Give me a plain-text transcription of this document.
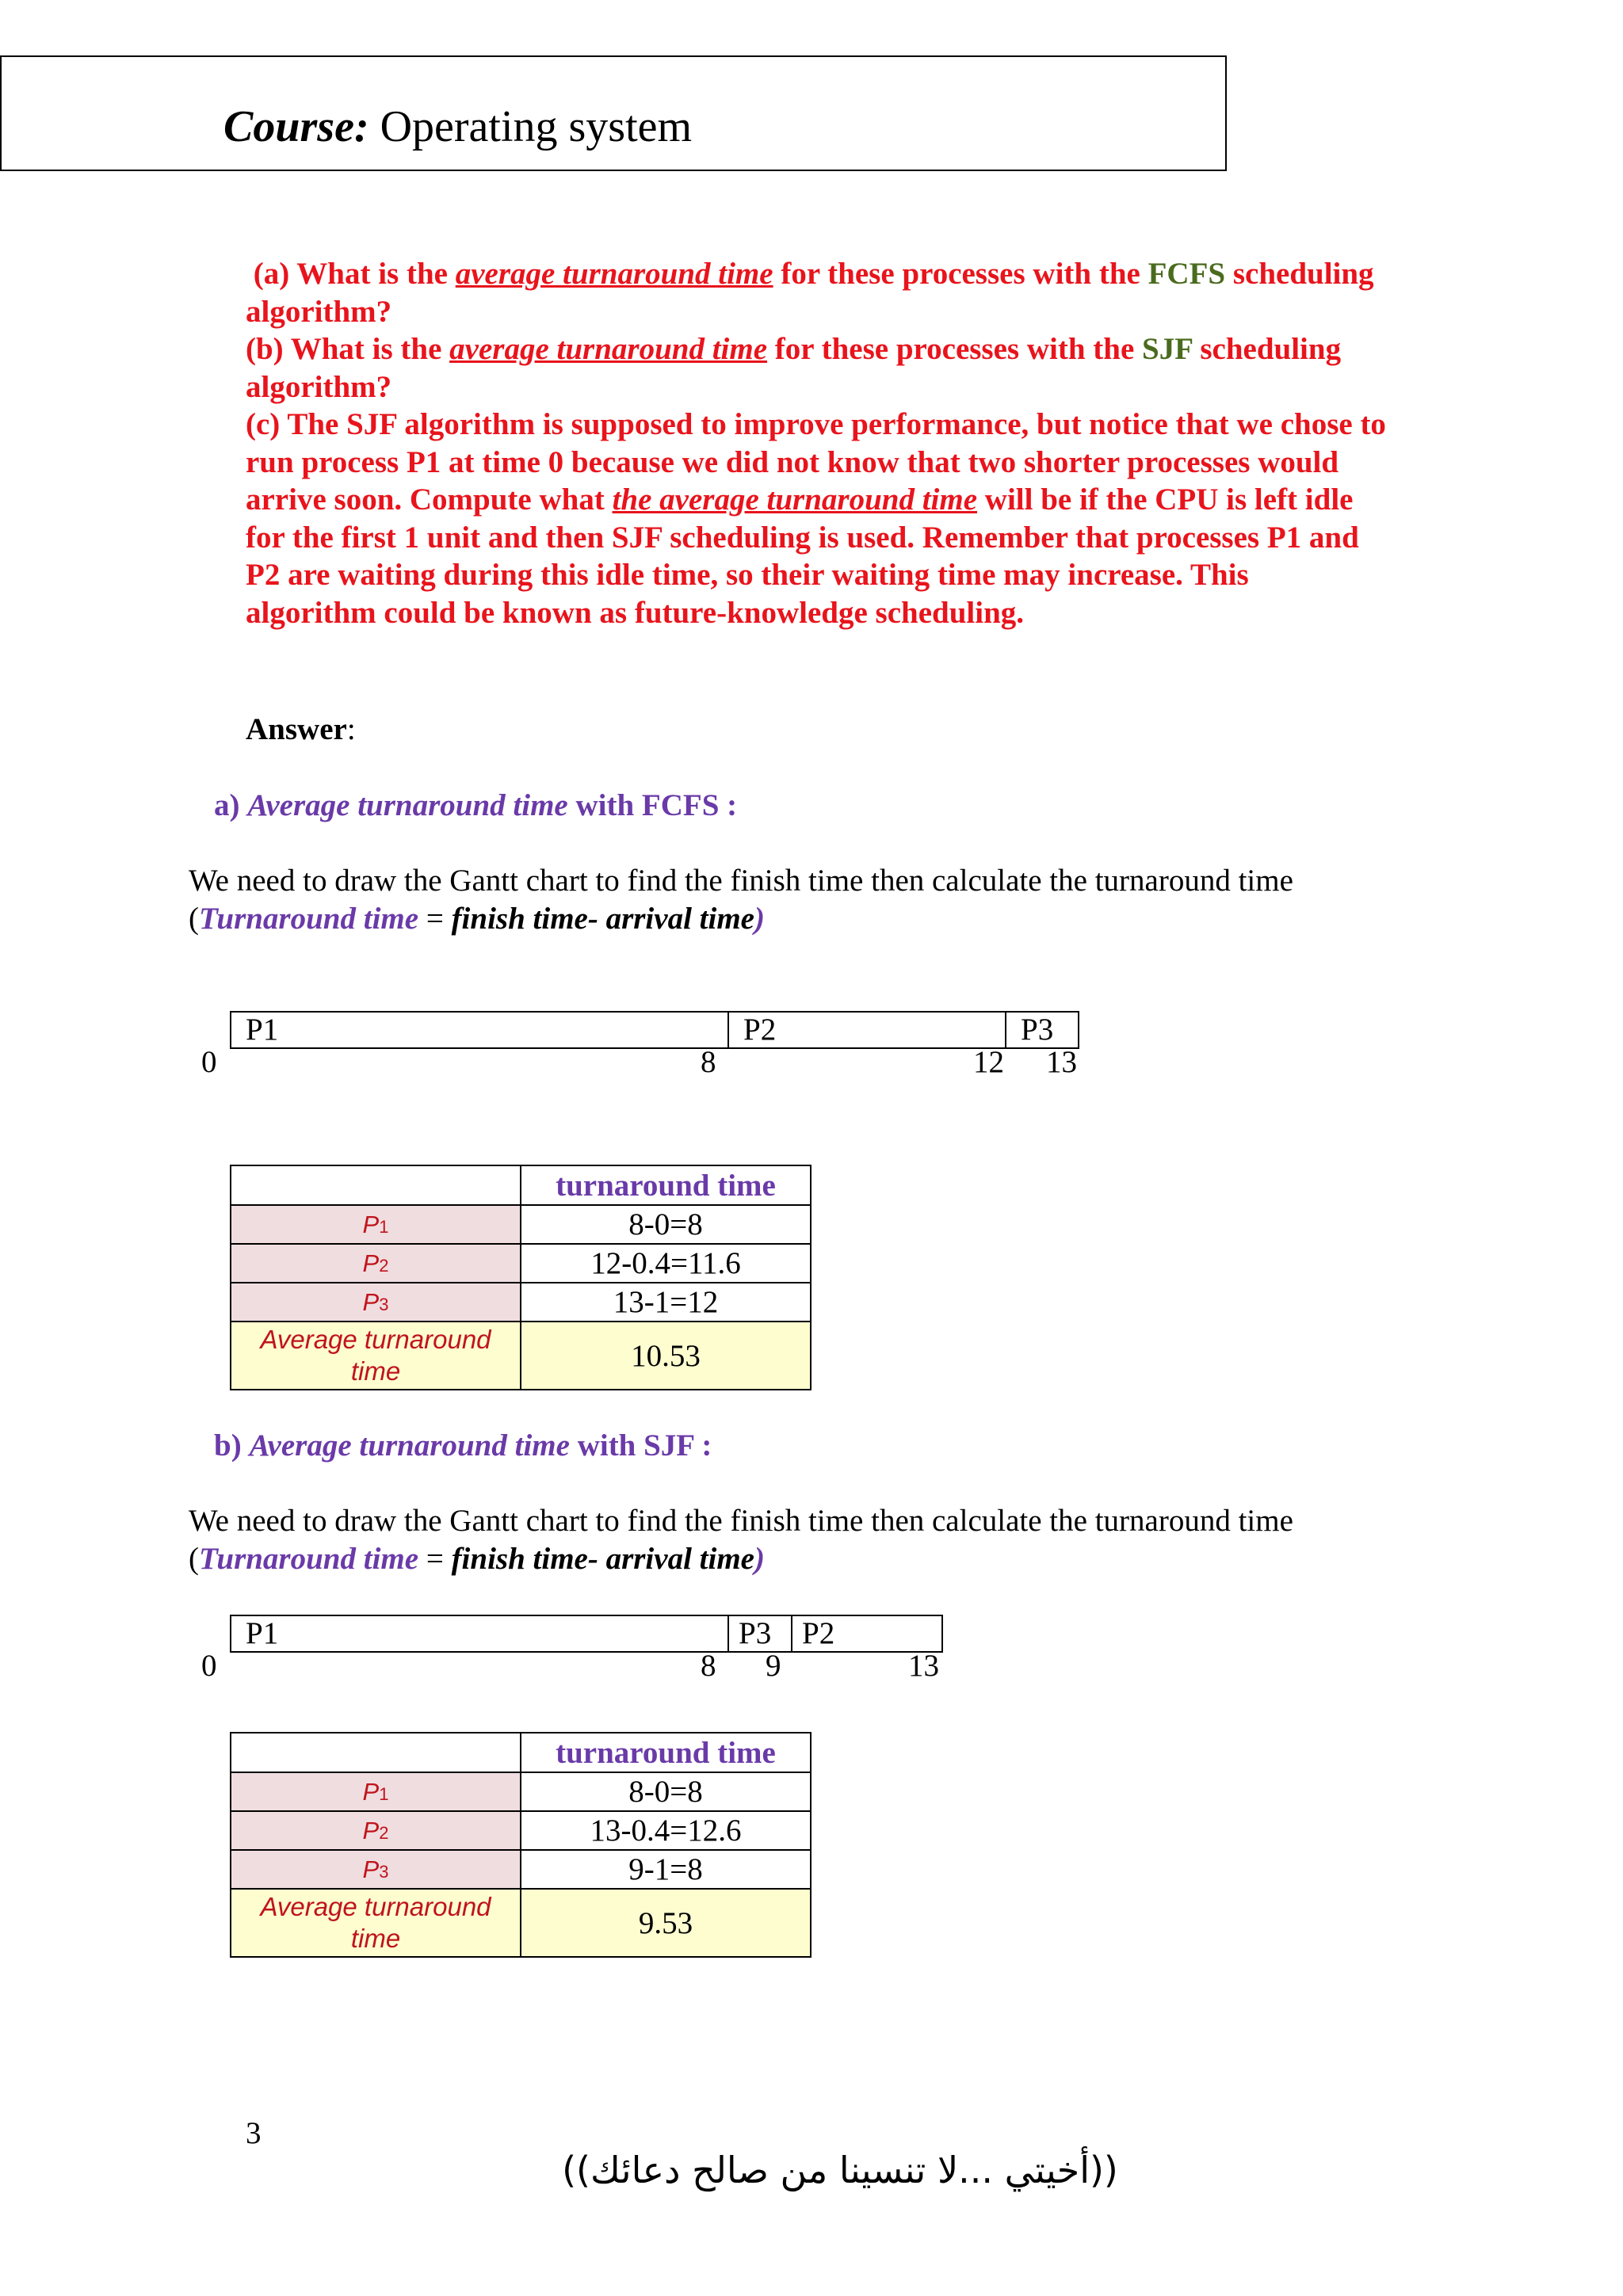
Course: Operating system

(a) What is the average turnaround time for these processes with the FCFS scheduling algorithm?

(b) What is the average turnaround time for these processes with the SJF scheduling algorithm?

(c) The SJF algorithm is supposed to improve performance, but notice that we chose to run process P1 at time 0 because we did not know that two shorter processes would arrive soon. Compute what the average turnaround time will be if the CPU is left idle for the first 1 unit and then SJF scheduling is used. Remember that processes P1 and P2 are waiting during this idle time, so their waiting time may increase. This algorithm could be known as future-knowledge scheduling.

Answer:
a) Average turnaround time with FCFS :
We need to draw the Gantt chart to find the finish time then calculate the turnaround time
(Turnaround time = finish time- arrival time)
P1	P2	P3
0	8	12 13
	turnaround time
P1	8-0=8
P2	12-0.4=11.6
P3	13-1=12
Average turnaround
time	10.53
b) Average turnaround time with SJF :
We need to draw the Gantt chart to find the finish time then calculate the turnaround time
(Turnaround time = finish time- arrival time)
P1	P3 P2
0	8 9	13
	turnaround time
P1	8-0=8
P2	13-0.4=12.6
P3	9-1=8
Average turnaround
time	9.53
3
((أخيتي ...لا تنسينا من صالح دعائك))
